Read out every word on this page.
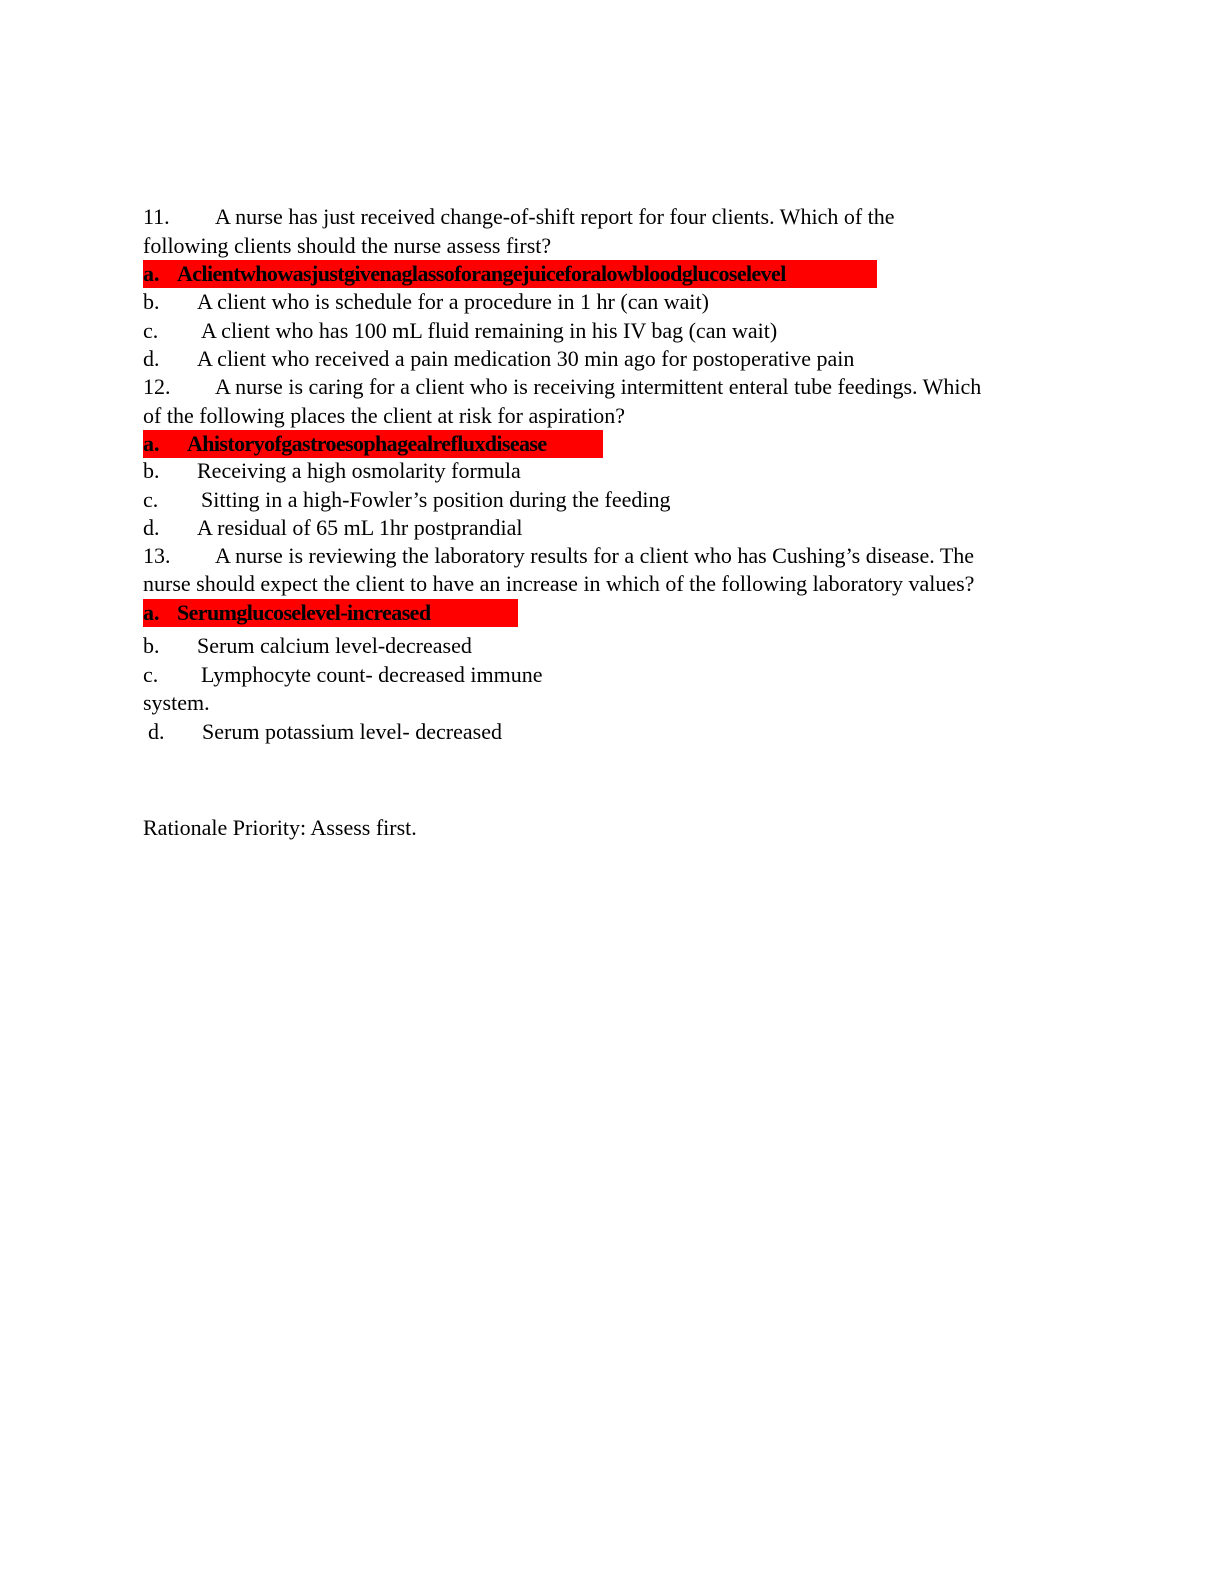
11. A nurse has just received change-of-shift report for four clients. Which of the
following clients should the nurse assess first?
a. Aclientwhowasjustgivenaglassoforangejuiceforalowbloodglucoselevel
b. A client who is schedule for a procedure in 1 hr (can wait)
c. A client who has 100 mL fluid remaining in his IV bag (can wait)
d. A client who received a pain medication 30 min ago for postoperative pain
12. A nurse is caring for a client who is receiving intermittent enteral tube feedings. Which
of the following places the client at risk for aspiration?
a. Ahistoryofgastroesophagealrefluxdisease
b. Receiving a high osmolarity formula
c. Sitting in a high-Fowler’s position during the feeding
d. A residual of 65 mL 1hr postprandial
13. A nurse is reviewing the laboratory results for a client who has Cushing’s disease. The
nurse should expect the client to have an increase in which of the following laboratory values?
a. Serumglucoselevel-increased
b. Serum calcium level-decreased
c. Lymphocyte count- decreased immune
system.
d. Serum potassium level- decreased
Rationale Priority: Assess first.
